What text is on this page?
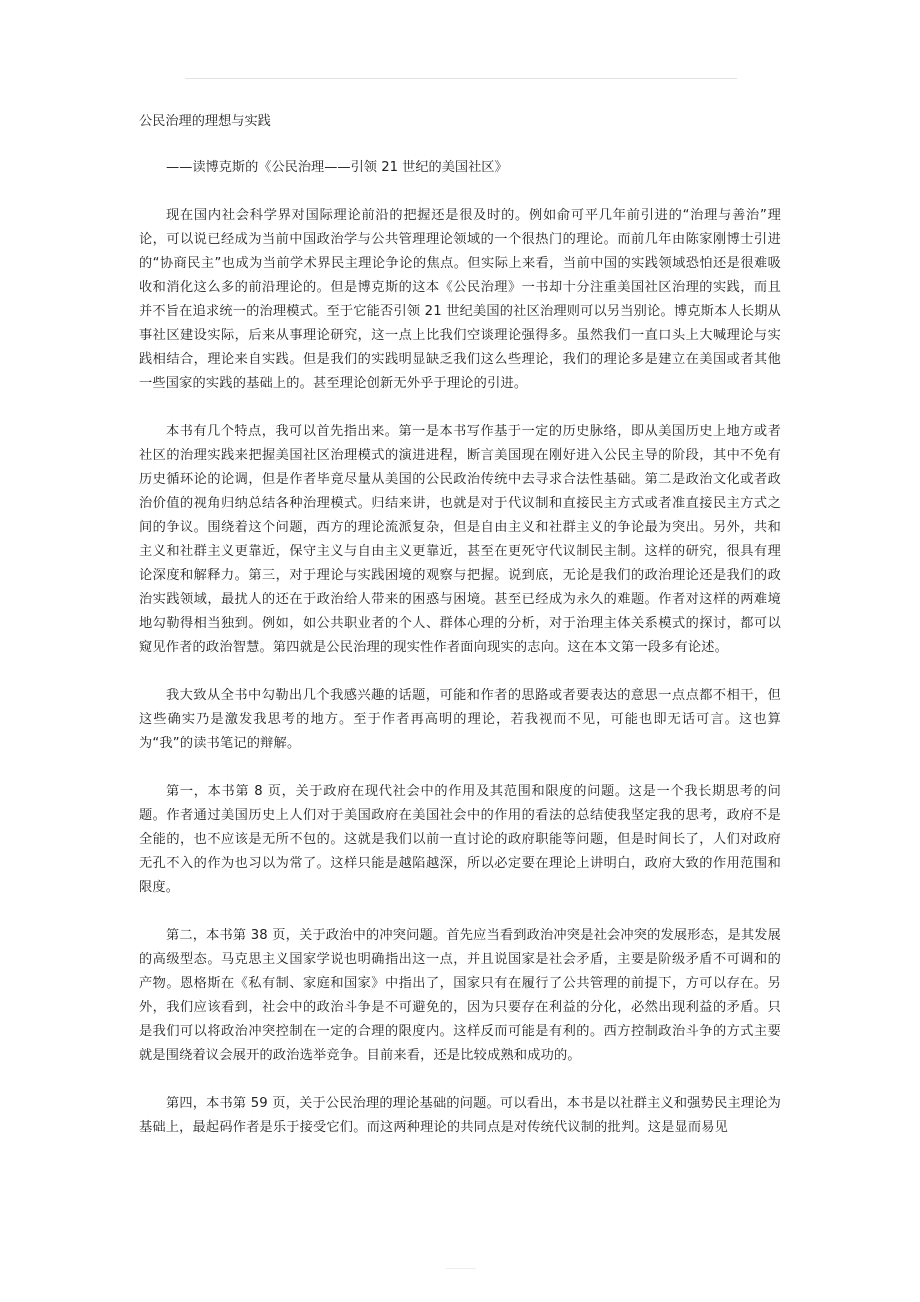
公民治理的理想与实践
——读博克斯的《公民治理——引领 21 世纪的美国社区》

现在国内社会科学界对国际理论前沿的把握还是很及时的。例如俞可平几年前引进的“治理与善治”理论，可以说已经成为当前中国政治学与公共管理理论领域的一个很热门的理论。而前几年由陈家刚博士引进的“协商民主”也成为当前学术界民主理论争论的焦点。但实际上来看，当前中国的实践领域恐怕还是很难吸收和消化这么多的前沿理论的。但是博克斯的这本《公民治理》一书却十分注重美国社区治理的实践，而且并不旨在追求统一的治理模式。至于它能否引领 21 世纪美国的社区治理则可以另当别论。博克斯本人长期从事社区建设实际，后来从事理论研究，这一点上比我们空谈理论强得多。虽然我们一直口头上大喊理论与实践相结合，理论来自实践。但是我们的实践明显缺乏我们这么些理论，我们的理论多是建立在美国或者其他一些国家的实践的基础上的。甚至理论创新无外乎于理论的引进。

本书有几个特点，我可以首先指出来。第一是本书写作基于一定的历史脉络，即从美国历史上地方或者社区的治理实践来把握美国社区治理模式的演进进程，断言美国现在刚好进入公民主导的阶段，其中不免有历史循环论的论调，但是作者毕竟尽量从美国的公民政治传统中去寻求合法性基础。第二是政治文化或者政治价值的视角归纳总结各种治理模式。归结来讲，也就是对于代议制和直接民主方式或者准直接民主方式之间的争议。围绕着这个问题，西方的理论流派复杂，但是自由主义和社群主义的争论最为突出。另外，共和主义和社群主义更靠近，保守主义与自由主义更靠近，甚至在更死守代议制民主制。这样的研究，很具有理论深度和解释力。第三，对于理论与实践困境的观察与把握。说到底，无论是我们的政治理论还是我们的政治实践领域，最扰人的还在于政治给人带来的困惑与困境。甚至已经成为永久的难题。作者对这样的两难境地勾勒得相当独到。例如，如公共职业者的个人、群体心理的分析，对于治理主体关系模式的探讨，都可以窥见作者的政治智慧。第四就是公民治理的现实性作者面向现实的志向。这在本文第一段多有论述。

我大致从全书中勾勒出几个我感兴趣的话题，可能和作者的思路或者要表达的意思一点点都不相干，但这些确实乃是激发我思考的地方。至于作者再高明的理论，若我视而不见，可能也即无话可言。这也算为“我”的读书笔记的辩解。

第一，本书第 8 页，关于政府在现代社会中的作用及其范围和限度的问题。这是一个我长期思考的问题。作者通过美国历史上人们对于美国政府在美国社会中的作用的看法的总结使我坚定我的思考，政府不是全能的，也不应该是无所不包的。这就是我们以前一直讨论的政府职能等问题，但是时间长了，人们对政府无孔不入的作为也习以为常了。这样只能是越陷越深，所以必定要在理论上讲明白，政府大致的作用范围和限度。

第二，本书第 38 页，关于政治中的冲突问题。首先应当看到政治冲突是社会冲突的发展形态，是其发展的高级型态。马克思主义国家学说也明确指出这一点，并且说国家是社会矛盾，主要是阶级矛盾不可调和的产物。恩格斯在《私有制、家庭和国家》中指出了，国家只有在履行了公共管理的前提下，方可以存在。另外，我们应该看到，社会中的政治斗争是不可避免的，因为只要存在利益的分化，必然出现利益的矛盾。只是我们可以将政治冲突控制在一定的合理的限度内。这样反而可能是有利的。西方控制政治斗争的方式主要就是围绕着议会展开的政治选举竞争。目前来看，还是比较成熟和成功的。

第四，本书第 59 页，关于公民治理的理论基础的问题。可以看出，本书是以社群主义和强势民主理论为基础上，最起码作者是乐于接受它们。而这两种理论的共同点是对传统代议制的批判。这是显而易见
